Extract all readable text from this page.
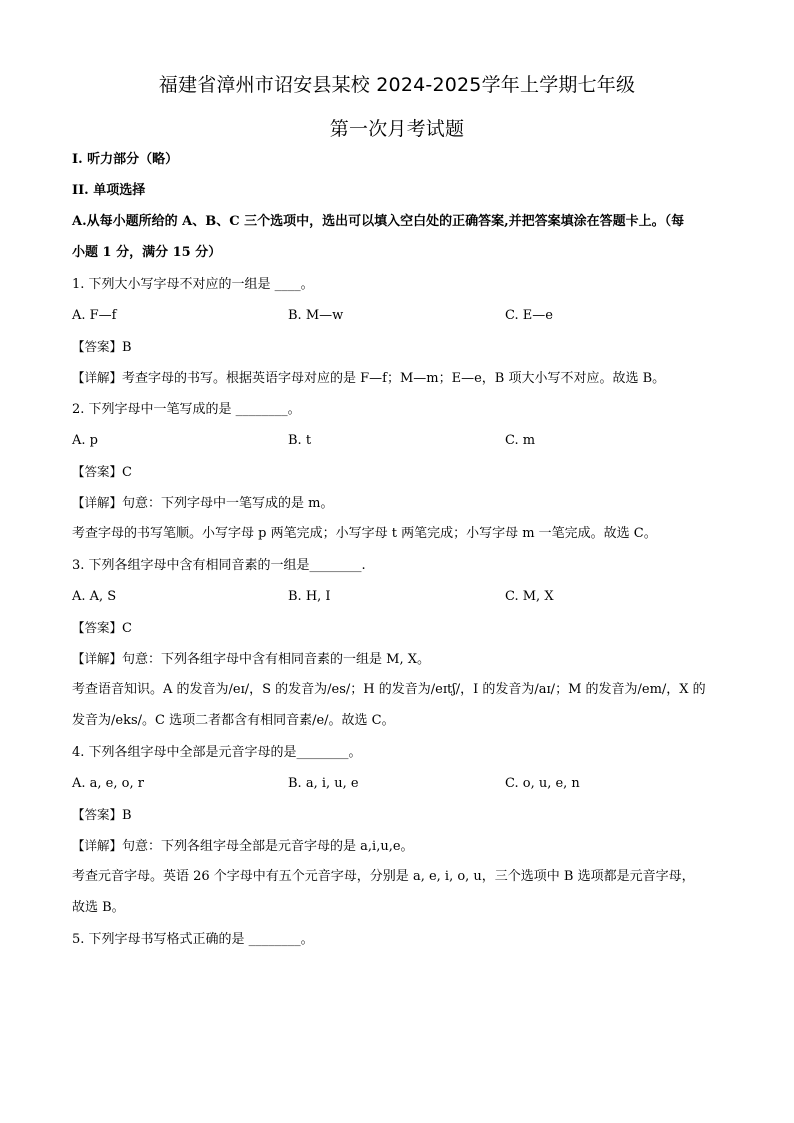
福建省漳州市诏安县某校 2024-2025学年上学期七年级
第一次月考试题

I. 听力部分（略）

II. 单项选择

A.从每小题所给的 A、B、C 三个选项中，选出可以填入空白处的正确答案,并把答案填涂在答题卡上。（每

小题 1 分，满分 15 分）

1. 下列大小写字母不对应的一组是 ____。

A. F—f	B. M—w	C. E—e

【答案】B

【详解】考查字母的书写。根据英语字母对应的是 F—f；M—m；E—e，B 项大小写不对应。故选 B。

2. 下列字母中一笔写成的是 ________。

A. p	B. t	C. m

【答案】C

【详解】句意：下列字母中一笔写成的是 m。

考查字母的书写笔顺。小写字母 p 两笔完成；小写字母 t 两笔完成；小写字母 m 一笔完成。故选 C。

3. 下列各组字母中含有相同音素的一组是________.

A. A, S	B. H, I	C. M, X

【答案】C

【详解】句意：下列各组字母中含有相同音素的一组是 M, X。

考查语音知识。A 的发音为/eɪ/，S 的发音为/es/；H 的发音为/eɪtʃ/，I 的发音为/aɪ/；M 的发音为/em/，X 的

发音为/eks/。C 选项二者都含有相同音素/e/。故选 C。

4. 下列各组字母中全部是元音字母的是________。

A. a, e, o, r	B. a, i, u, e	C. o, u, e, n

【答案】B

【详解】句意：下列各组字母全部是元音字母的是 a,i,u,e。

考查元音字母。英语 26 个字母中有五个元音字母，分别是 a, e, i, o, u，三个选项中 B 选项都是元音字母，

故选 B。

5. 下列字母书写格式正确的是 ________。
